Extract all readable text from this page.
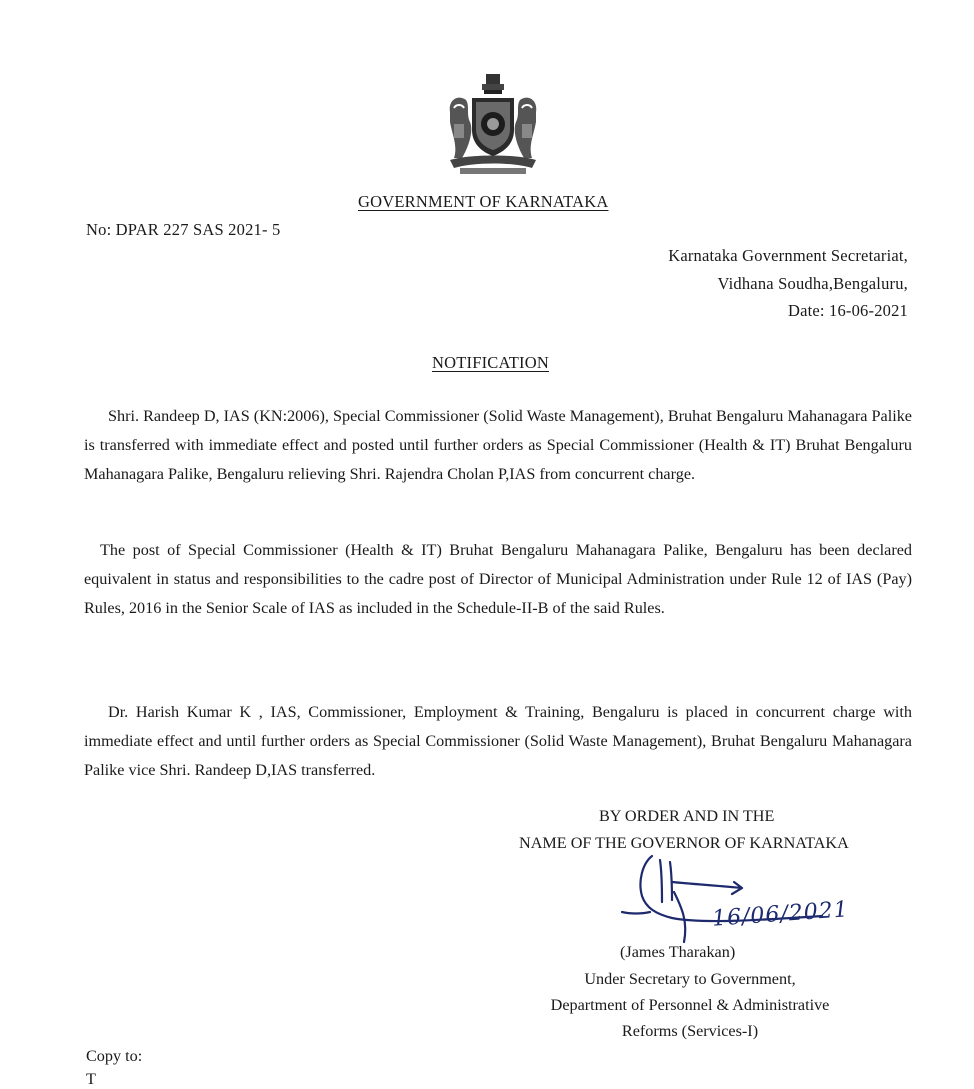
GOVERNMENT OF KARNATAKA
No: DPAR 227 SAS 2021- 5
Karnataka Government Secretariat,
Vidhana Soudha,Bengaluru,
Date: 16-06-2021
NOTIFICATION

Shri. Randeep D, IAS (KN:2006), Special Commissioner (Solid Waste Management), Bruhat Bengaluru Mahanagara Palike is transferred with immediate effect and posted until further orders as Special Commissioner (Health & IT) Bruhat Bengaluru Mahanagara Palike, Bengaluru relieving Shri. Rajendra Cholan P,IAS from concurrent charge.

The post of Special Commissioner (Health & IT) Bruhat Bengaluru Mahanagara Palike, Bengaluru has been declared equivalent in status and responsibilities to the cadre post of Director of Municipal Administration under Rule 12 of IAS (Pay) Rules, 2016 in the Senior Scale of IAS as included in the Schedule-II-B of the said Rules.

Dr. Harish Kumar K , IAS, Commissioner, Employment & Training, Bengaluru is placed in concurrent charge with immediate effect and until further orders as Special Commissioner (Solid Waste Management), Bruhat Bengaluru Mahanagara Palike vice Shri. Randeep D,IAS transferred.

BY ORDER AND IN THE
NAME OF THE GOVERNOR OF KARNATAKA
16/06/2021
(James Tharakan)
Under Secretary to Government,
Department of Personnel & Administrative
Reforms (Services-I)
Copy to:
T
